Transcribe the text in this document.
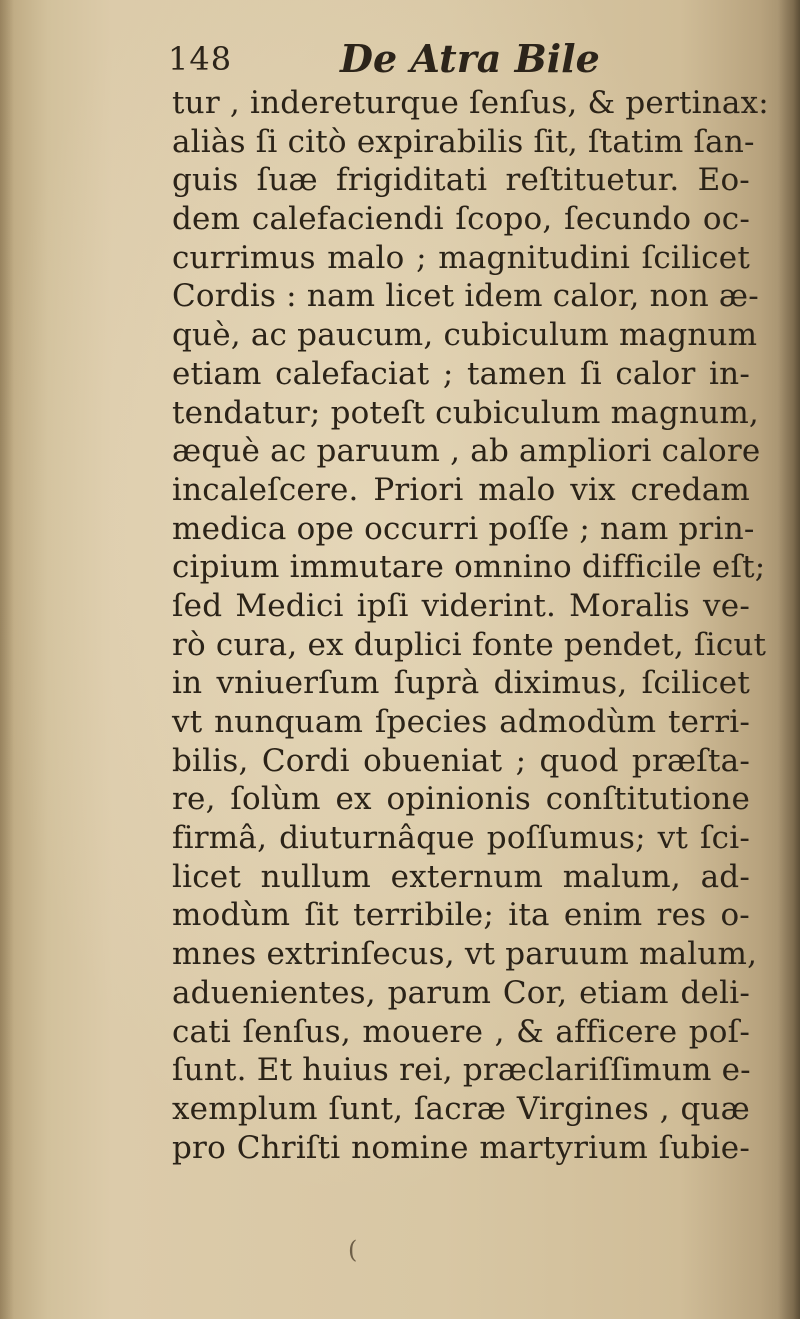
148	De Atra Bile
tur , indereturque ſenſus, & pertinax:
aliàs ſi citò expirabilis ſit, ſtatim ſan-
guis ſuæ frigiditati reſtituetur. Eo-
dem calefaciendi ſcopo, ſecundo oc-
currimus malo ; magnitudini ſcilicet
Cordis : nam licet idem calor, non æ-
què, ac paucum, cubiculum magnum
etiam calefaciat ; tamen ſi calor in-
tendatur; poteſt cubiculum magnum,
æquè ac paruum , ab ampliori calore
incaleſcere. Priori malo vix credam
medica ope occurri poſſe ; nam prin-
cipium immutare omnino difficile eſt;
ſed Medici ipſi viderint. Moralis ve-
rò cura, ex duplici fonte pendet, ſicut
in vniuerſum ſuprà diximus, ſcilicet
vt nunquam ſpecies admodùm terri-
bilis, Cordi obueniat ; quod præſta-
re, ſolùm ex opinionis conſtitutione
firmâ, diuturnâque poſſumus; vt ſci-
licet nullum externum malum, ad-
modùm ſit terribile; ita enim res o-
mnes extrinſecus, vt paruum malum,
aduenientes, parum Cor, etiam deli-
cati ſenſus, mouere , & afficere poſ-
ſunt. Et huius rei, præclariſſimum e-
xemplum ſunt, ſacræ Virgines , quæ
pro Chriſti nomine martyrium ſubie-
(
